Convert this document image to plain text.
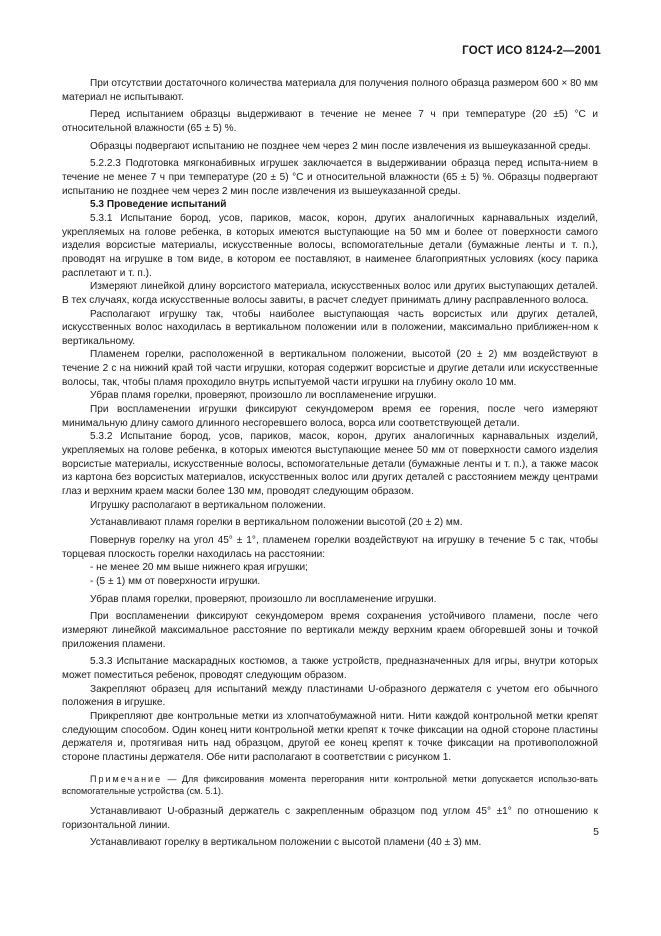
ГОСТ ИСО 8124-2—2001

При отсутствии достаточного количества материала для получения полного образца размером 600 × 80 мм материал не испытывают.

Перед испытанием образцы выдерживают в течение не менее 7 ч при температуре (20 ±5) °С и относительной влажности (65 ± 5) %.

Образцы подвергают испытанию не позднее чем через 2 мин после извлечения из вышеуказанной среды.

5.2.2.3 Подготовка мягконабивных игрушек заключается в выдерживании образца перед испыта-нием в течение не менее 7 ч при температуре (20 ± 5) °С и относительной влажности (65 ± 5) %. Образцы подвергают испытанию не позднее чем через 2 мин после извлечения из вышеуказанной среды.

5.3 Проведение испытаний

5.3.1 Испытание бород, усов, париков, масок, корон, других аналогичных карнавальных изделий, укрепляемых на голове ребенка, в которых имеются выступающие на 50 мм и более от поверхности самого изделия ворсистые материалы, искусственные волосы, вспомогательные детали (бумажные ленты и т. п.), проводят на игрушке в том виде, в котором ее поставляют, в наименее благоприятных условиях (косу парика расплетают и т. п.).

Измеряют линейкой длину ворсистого материала, искусственных волос или других выступающих деталей. В тех случаях, когда искусственные волосы завиты, в расчет следует принимать длину расправленного волоса.

Располагают игрушку так, чтобы наиболее выступающая часть ворсистых или других деталей, искусственных волос находилась в вертикальном положении или в положении, максимально приближен-ном к вертикальному.

Пламенем горелки, расположенной в вертикальном положении, высотой (20 ± 2) мм воздействуют в течение 2 с на нижний край той части игрушки, которая содержит ворсистые и другие детали или искусственные волосы, так, чтобы пламя проходило внутрь испытуемой части игрушки на глубину около 10 мм.

Убрав пламя горелки, проверяют, произошло ли воспламенение игрушки.

При воспламенении игрушки фиксируют секундомером время ее горения, после чего измеряют минимальную длину самого длинного несгоревшего волоса, ворса или соответствующей детали.

5.3.2 Испытание бород, усов, париков, масок, корон, других аналогичных карнавальных изделий, укрепляемых на голове ребенка, в которых имеются выступающие менее 50 мм от поверхности самого изделия ворсистые материалы, искусственные волосы, вспомогательные детали (бумажные ленты и т. п.), а также масок из картона без ворсистых материалов, искусственных волос или других деталей с расстоянием между центрами глаз и верхним краем маски более 130 мм, проводят следующим образом.

Игрушку располагают в вертикальном положении.

Устанавливают пламя горелки в вертикальном положении высотой (20 ± 2) мм.

Повернув горелку на угол 45° ± 1°, пламенем горелки воздействуют на игрушку в течение 5 с так, чтобы торцевая плоскость горелки находилась на расстоянии:

- не менее 20 мм выше нижнего края игрушки;

- (5 ± 1) мм от поверхности игрушки.

Убрав пламя горелки, проверяют, произошло ли воспламенение игрушки.

При воспламенении фиксируют секундомером время сохранения устойчивого пламени, после чего измеряют линейкой максимальное расстояние по вертикали между верхним краем обгоревшей зоны и точкой приложения пламени.

5.3.3 Испытание маскарадных костюмов, а также устройств, предназначенных для игры, внутри которых может поместиться ребенок, проводят следующим образом.

Закрепляют образец для испытаний между пластинами U-образного держателя с учетом его обычного положения в игрушке.

Прикрепляют две контрольные метки из хлопчатобумажной нити. Нити каждой контрольной метки крепят следующим способом. Один конец нити контрольной метки крепят к точке фиксации на одной стороне пластины держателя и, протягивая нить над образцом, другой ее конец крепят к точке фиксации на противоположной стороне пластины держателя. Обе нити располагают в соответствии с рисунком 1.

Примечание — Для фиксирования момента перегорания нити контрольной метки допускается использо-вать вспомогательные устройства (см. 5.1).

Устанавливают U-образный держатель с закрепленным образцом под углом 45° ±1° по отношению к горизонтальной линии.

Устанавливают горелку в вертикальном положении с высотой пламени (40 ± 3) мм.

5
